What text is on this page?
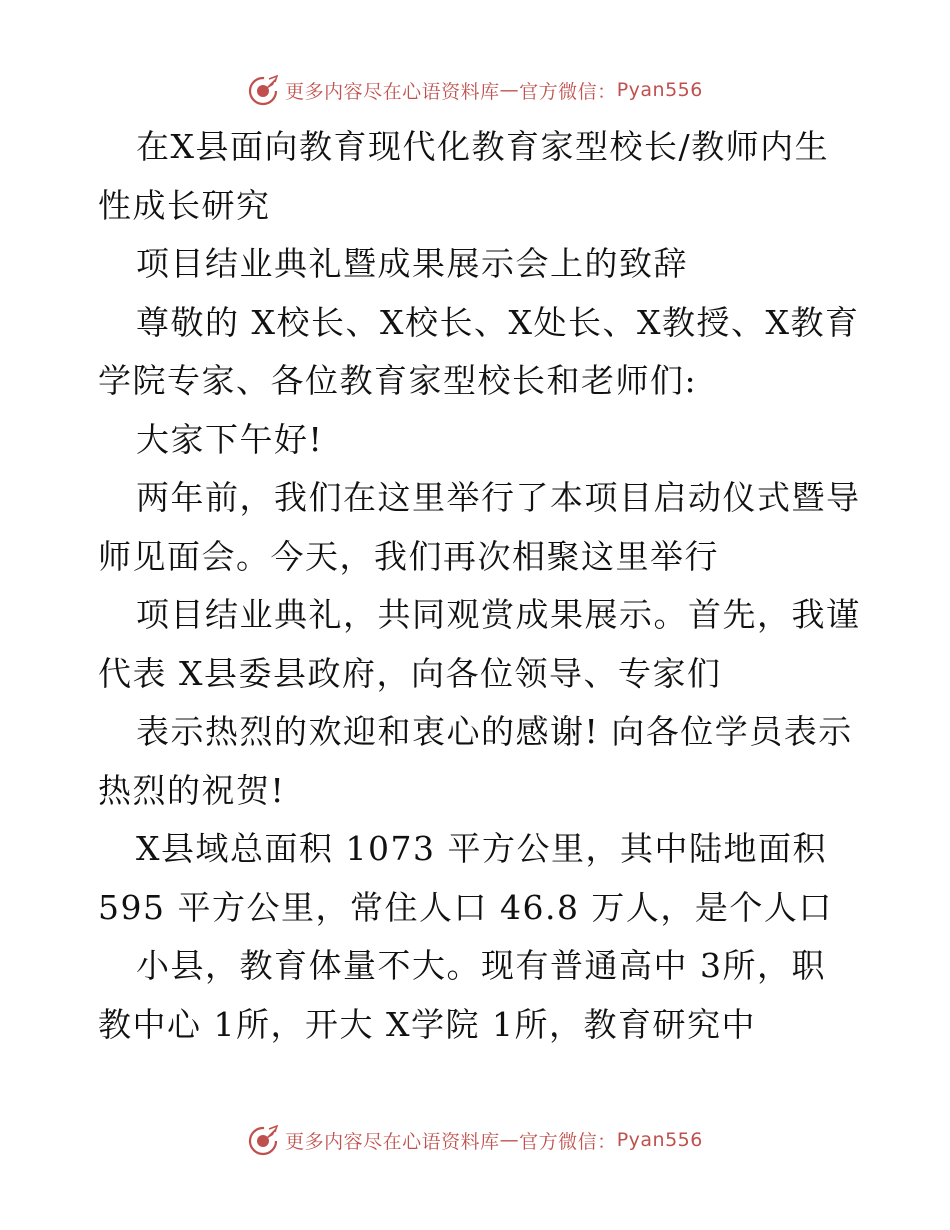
更多内容尽在心语资料库 — 官方微信： Pyan556
在X县面向教育现代化教育家型校长/教师内生
性成长研究
项目结业典礼暨成果展示会上的致辞
尊敬的 X校长、X校长、X处长、X教授、X教育
学院专家、各位教育家型校长和老师们:
大家下午好!
两年前，我们在这里举行了本项目启动仪式暨导
师见面会。今天，我们再次相聚这里举行
项目结业典礼，共同观赏成果展示。首先，我谨
代表 X县委县政府，向各位领导、专家们
表示热烈的欢迎和衷心的感谢! 向各位学员表示
热烈的祝贺!
X县域总面积 1073 平方公里，其中陆地面积
595 平方公里，常住人口 46.8 万人，是个人口
小县，教育体量不大。现有普通高中 3所，职
教中心 1所，开大 X学院 1所，教育研究中
更多内容尽在心语资料库 — 官方微信： Pyan556
